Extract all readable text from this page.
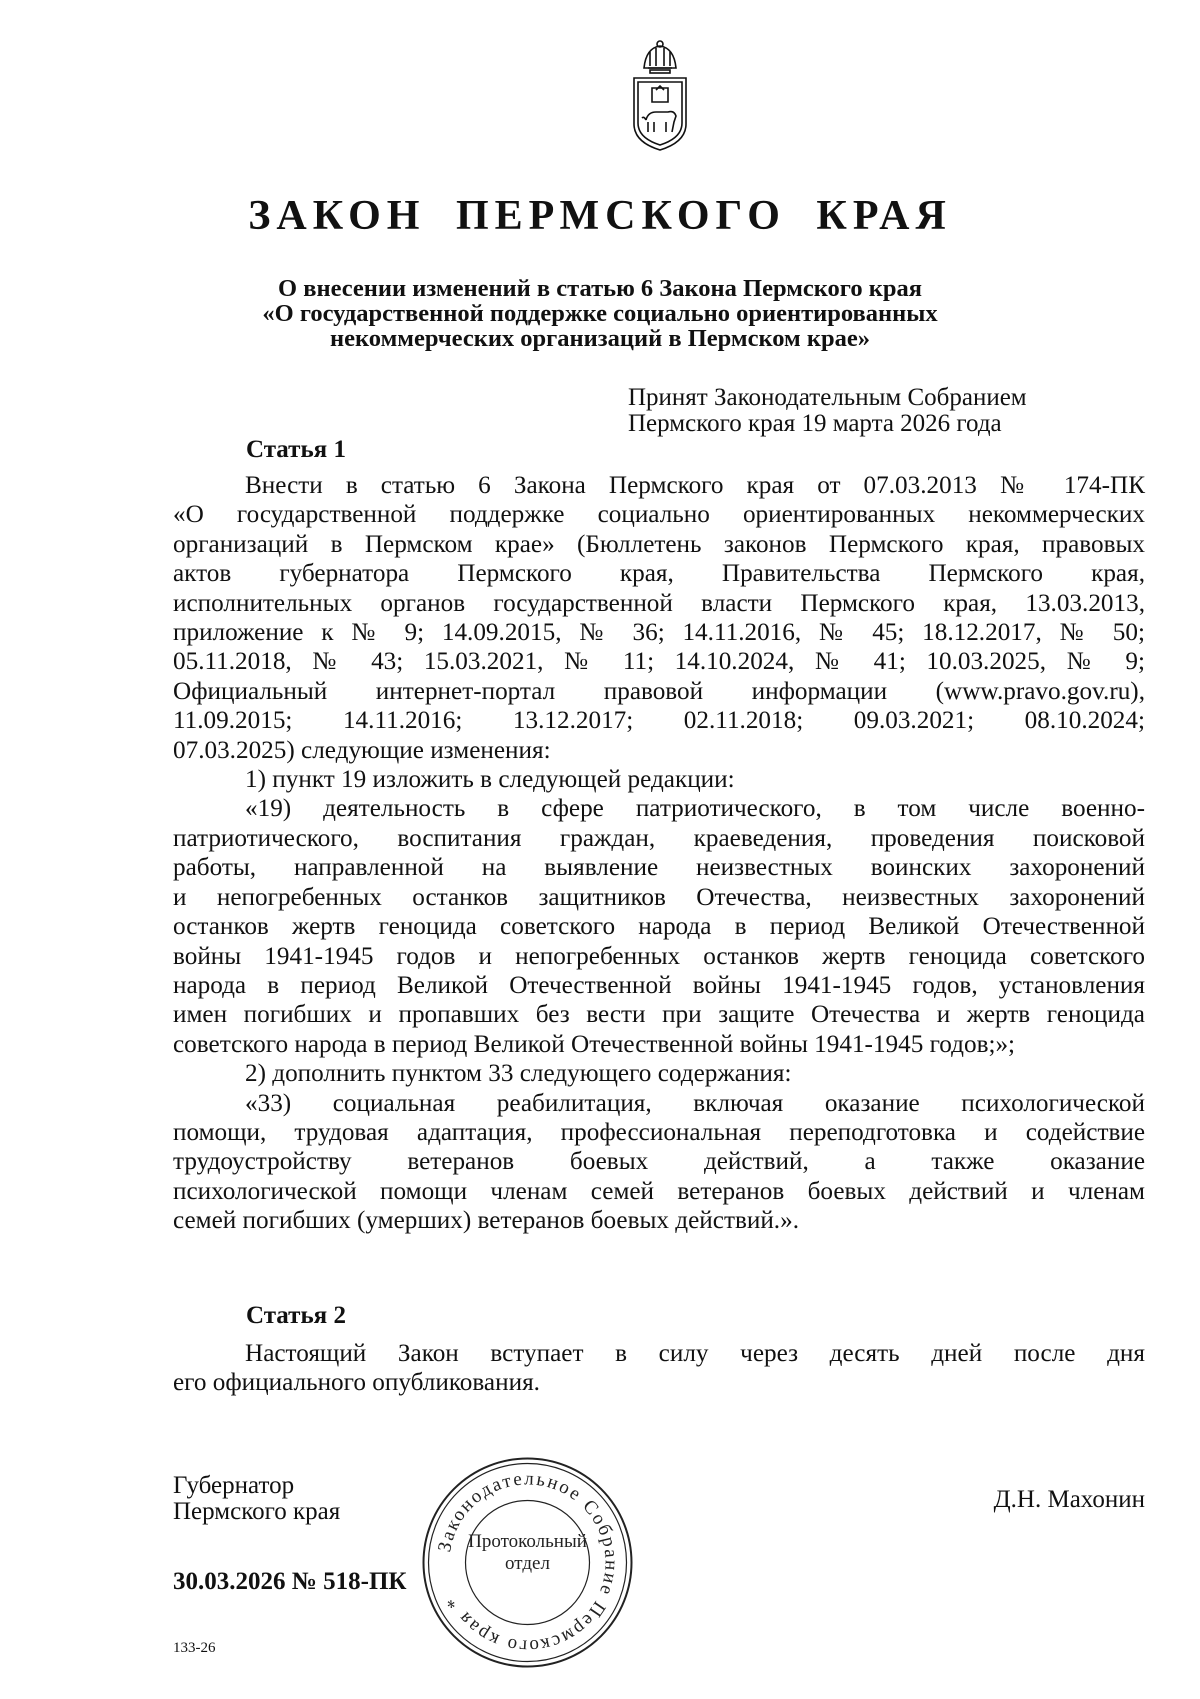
ЗАКОН ПЕРМСКОГО КРАЯ
О внесении изменений в статью 6 Закона Пермского края
«О государственной поддержке социально ориентированных
некоммерческих организаций в Пермском крае»
Принят Законодательным Собранием
Пермского края 19 марта 2026 года
Статья 1
Внести в статью 6 Закона Пермского края от 07.03.2013 № 174-ПК
«О государственной поддержке социально ориентированных некоммерческих
организаций в Пермском крае» (Бюллетень законов Пермского края, правовых
актов губернатора Пермского края, Правительства Пермского края,
исполнительных органов государственной власти Пермского края, 13.03.2013,
приложение к № 9; 14.09.2015, № 36; 14.11.2016, № 45; 18.12.2017, № 50;
05.11.2018, № 43; 15.03.2021, № 11; 14.10.2024, № 41; 10.03.2025, № 9;
Официальный интернет-портал правовой информации (www.pravo.gov.ru),
11.09.2015; 14.11.2016; 13.12.2017; 02.11.2018; 09.03.2021; 08.10.2024;
07.03.2025) следующие изменения:
1) пункт 19 изложить в следующей редакции:
«19) деятельность в сфере патриотического, в том числе военно-
патриотического, воспитания граждан, краеведения, проведения поисковой
работы, направленной на выявление неизвестных воинских захоронений
и непогребенных останков защитников Отечества, неизвестных захоронений
останков жертв геноцида советского народа в период Великой Отечественной
войны 1941-1945 годов и непогребенных останков жертв геноцида советского
народа в период Великой Отечественной войны 1941-1945 годов, установления
имен погибших и пропавших без вести при защите Отечества и жертв геноцида
советского народа в период Великой Отечественной войны 1941-1945 годов;»;
2) дополнить пунктом 33 следующего содержания:
«33) социальная реабилитация, включая оказание психологической
помощи, трудовая адаптация, профессиональная переподготовка и содействие
трудоустройству ветеранов боевых действий, а также оказание
психологической помощи членам семей ветеранов боевых действий и членам
семей погибших (умерших) ветеранов боевых действий.».
Статья 2
Настоящий Закон вступает в силу через десять дней после дня
его официального опубликования.
Губернатор
Пермского края	Д.Н. Махонин
30.03.2026 № 518-ПК
133-26
Законодательное Собрание Пермского края *
Протокольный
отдел
